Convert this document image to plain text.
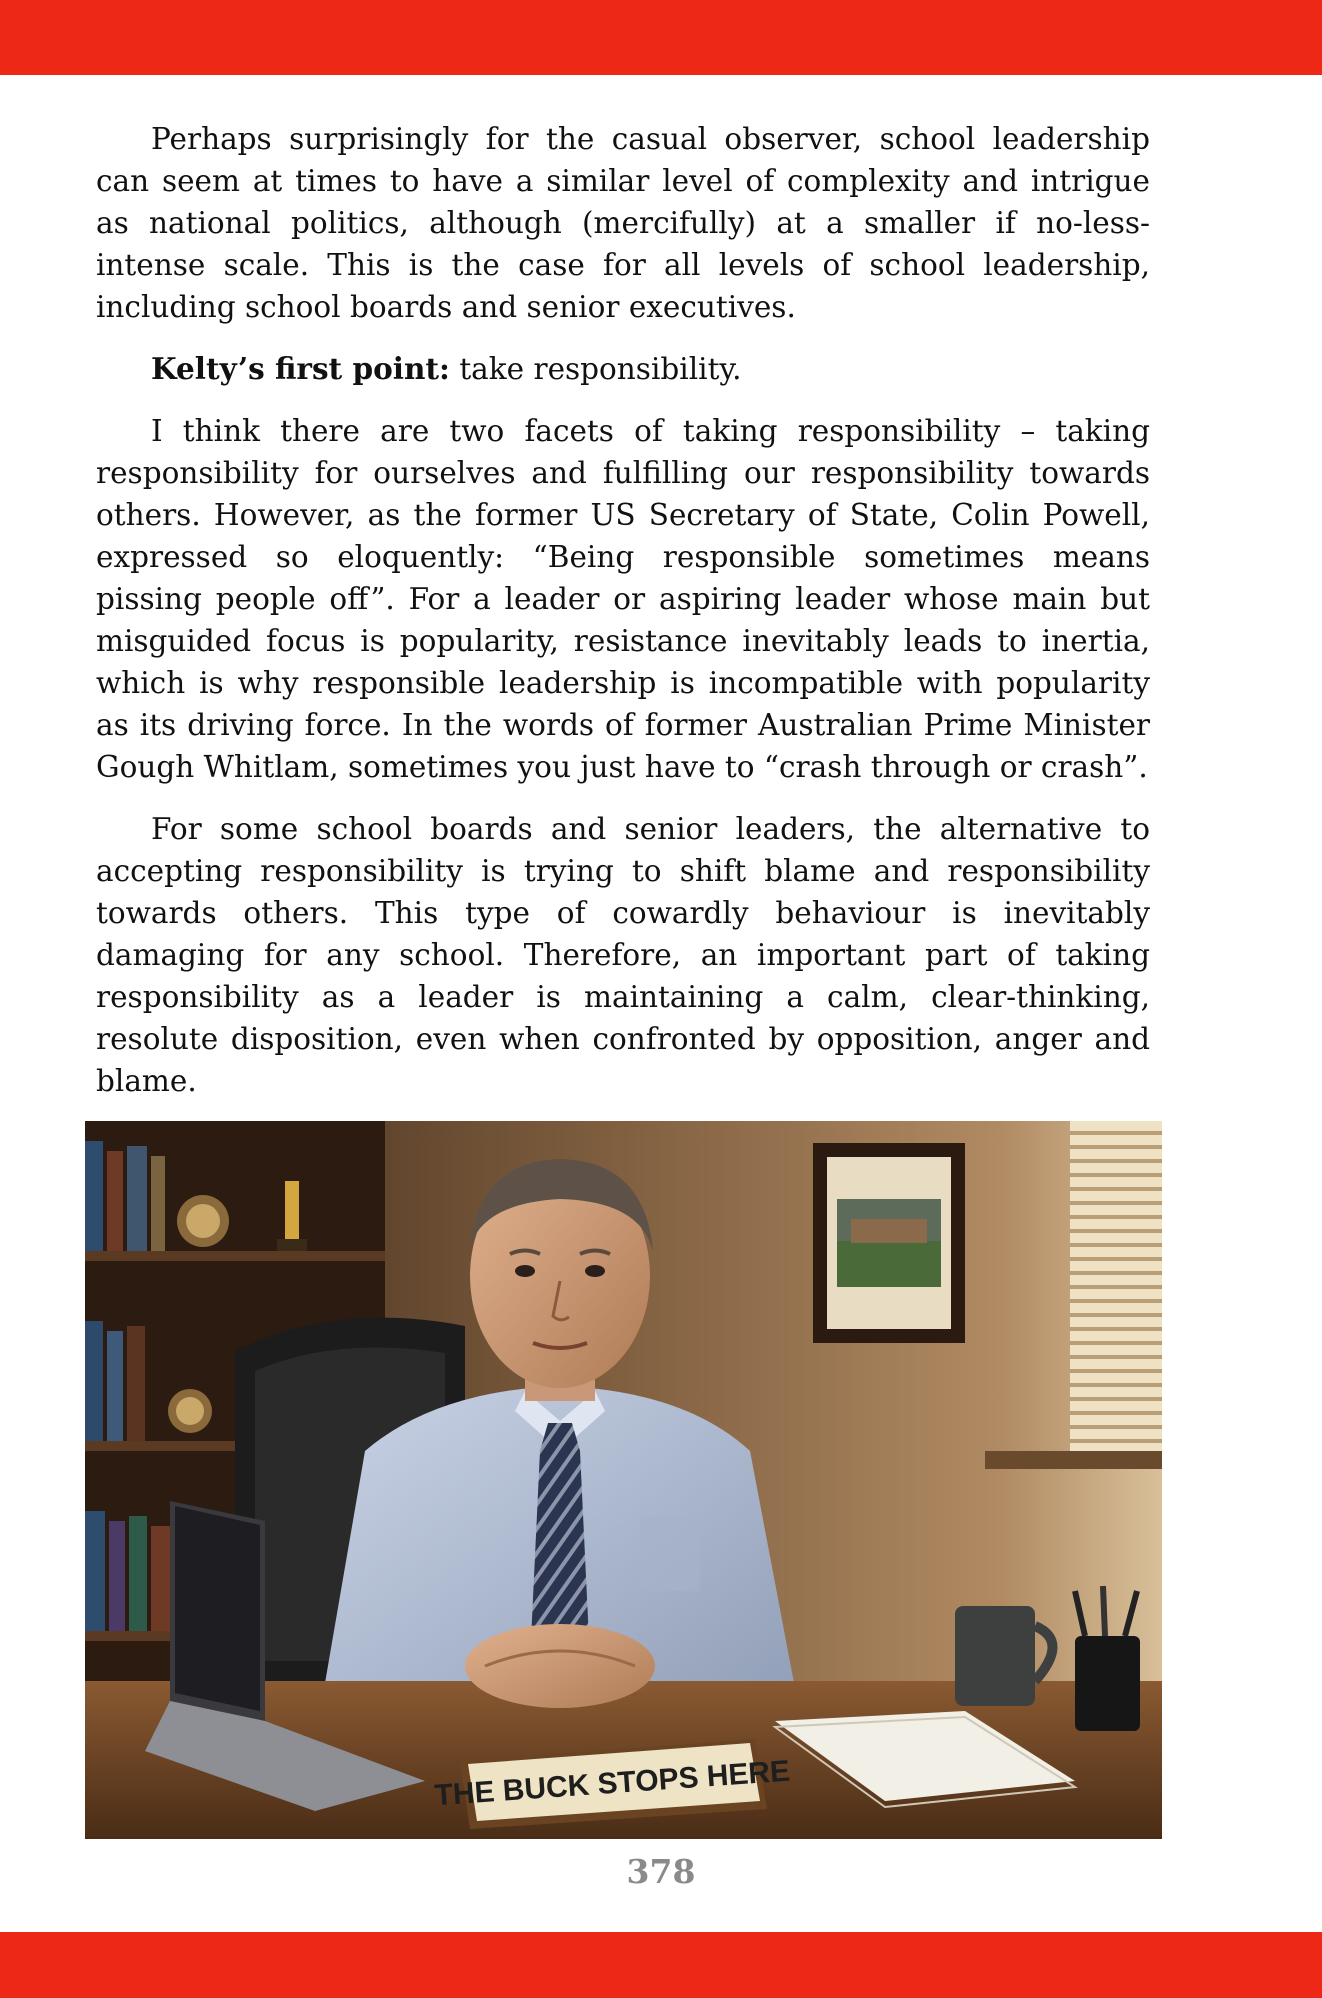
Perhaps surprisingly for the casual observer, school leadership can seem at times to have a similar level of complexity and intrigue as national politics, although (mercifully) at a smaller if no-less-intense scale. This is the case for all levels of school leadership, including school boards and senior executives.

Kelty’s first point: take responsibility.

I think there are two facets of taking responsibility – taking responsibility for ourselves and fulfilling our responsibility towards others. However, as the former US Secretary of State, Colin Powell, expressed so eloquently: “Being responsible sometimes means pissing people off”. For a leader or aspiring leader whose main but misguided focus is popularity, resistance inevitably leads to inertia, which is why responsible leadership is incompatible with popularity as its driving force. In the words of former Australian Prime Minister Gough Whitlam, sometimes you just have to “crash through or crash”.

For some school boards and senior leaders, the alternative to accepting responsibility is trying to shift blame and responsibility towards others. This type of cowardly behaviour is inevitably damaging for any school. Therefore, an important part of taking responsibility as a leader is maintaining a calm, clear-thinking, resolute disposition, even when confronted by opposition, anger and blame.

THE BUCK STOPS HERE
378
